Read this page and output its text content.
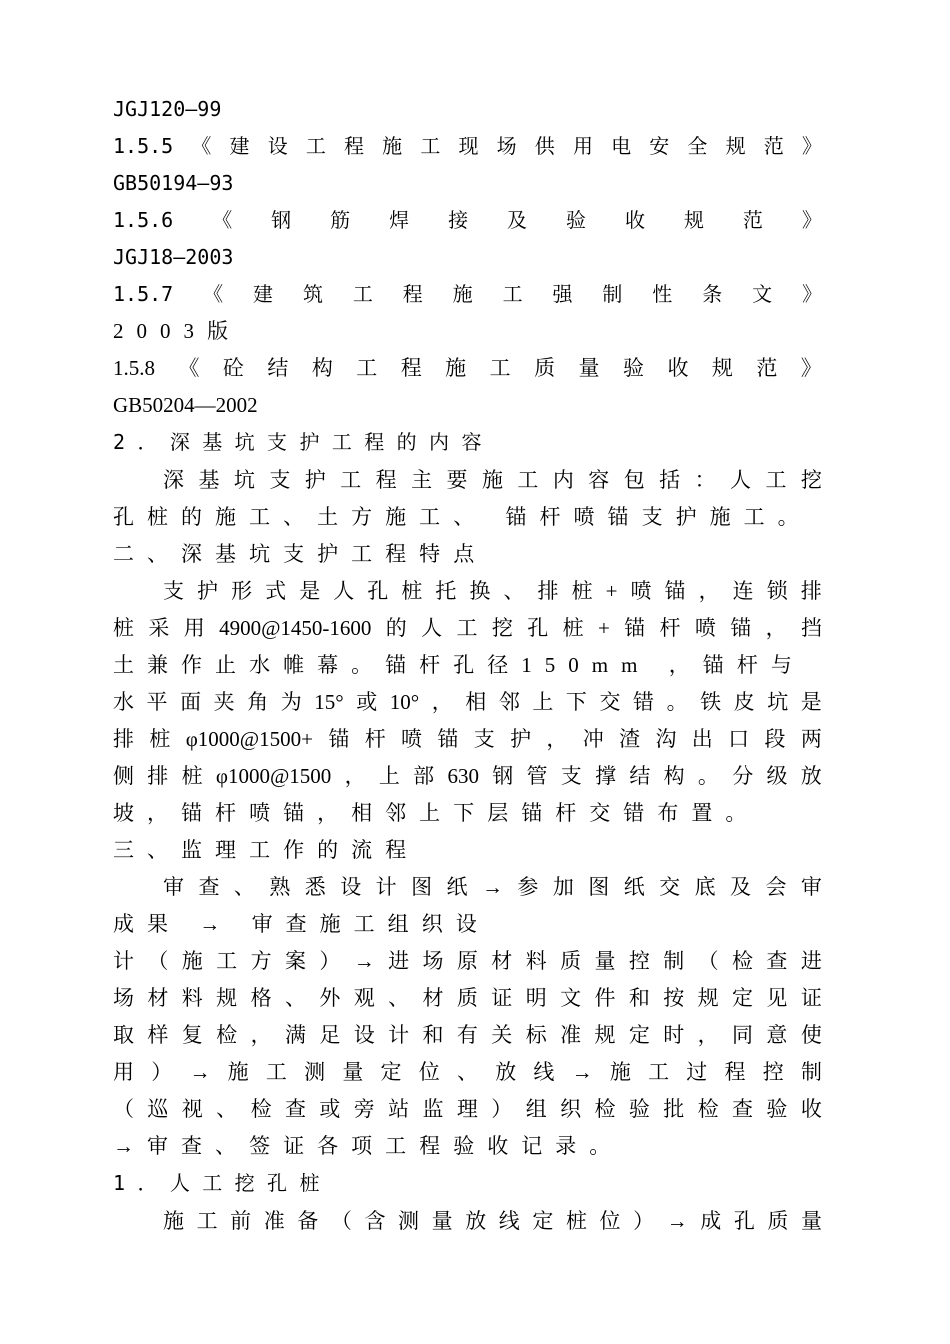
JGJ120—99
1.5.5 《 建 设 工 程 施 工 现 场 供 用 电 安 全 规 范 》
GB50194—93
1.5.6 《 钢 筋 焊 接 及 验 收 规 范 》
JGJ18—2003
1.5.7 《 建 筑 工 程 施 工 强 制 性 条 文 》
2003版
1.5.8 《 砼 结 构 工 程 施 工 质 量 验 收 规 范 》
GB50204—2002
2．深基坑支护工程的内容
深 基 坑 支 护 工 程 主 要 施 工 内 容 包 括 ： 人 工 挖
孔桩的施工、土方施工、 锚杆喷锚支护施工。
二、深基坑支护工程特点
支 护 形 式 是 人 孔 桩 托 换 、 排 桩 + 喷 锚 ， 连 锁 排
桩 采 用 4900@1450-1600 的 人 工 挖 孔 桩 + 锚 杆 喷 锚 ， 挡
土兼作止水帷幕。锚杆孔径150mm ，锚杆与
水 平 面 夹 角 为 15° 或 10° ， 相 邻 上 下 交 错 。 铁 皮 坑 是
排 桩 φ1000@1500+ 锚 杆 喷 锚 支 护 ， 冲 渣 沟 出 口 段 两
侧 排 桩 φ1000@1500 ， 上 部 630 钢 管 支 撑 结 构 。 分 级 放
坡，锚杆喷锚，相邻上下层锚杆交错布置。
三、监理工作的流程
审 查 、 熟 悉 设 计 图 纸 → 参 加 图 纸 交 底 及 会 审
成果 → 审查施工组织设
计 （ 施 工 方 案 ） → 进 场 原 材 料 质 量 控 制 （ 检 查 进
场 材 料 规 格 、 外 观 、 材 质 证 明 文 件 和 按 规 定 见 证
取 样 复 检 ， 满 足 设 计 和 有 关 标 准 规 定 时 ， 同 意 使
用 ） → 施 工 测 量 定 位 、 放 线 → 施 工 过 程 控 制
（ 巡 视 、 检 查 或 旁 站 监 理 ） 组 织 检 验 批 检 查 验 收
→审查、签证各项工程验收记录。
1．人工挖孔桩
施 工 前 准 备 （ 含 测 量 放 线 定 桩 位 ） → 成 孔 质 量
